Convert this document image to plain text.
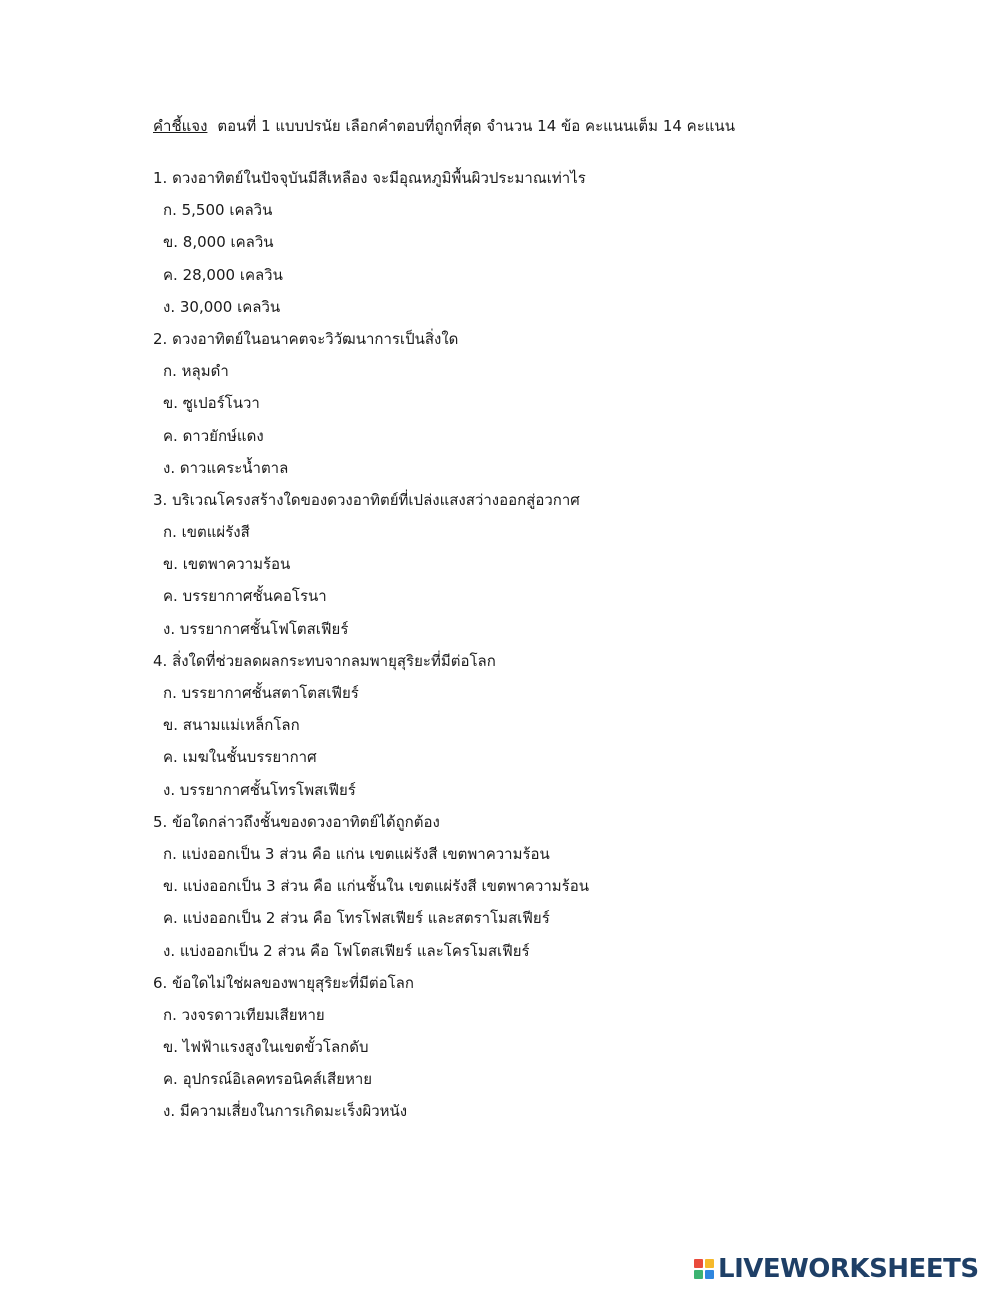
คำชี้แจง ตอนที่ 1 แบบปรนัย เลือกคำตอบที่ถูกที่สุด จำนวน 14 ข้อ คะแนนเต็ม 14 คะแนน
1. ดวงอาทิตย์ในปัจจุบันมีสีเหลือง จะมีอุณหภูมิพื้นผิวประมาณเท่าไร
ก. 5,500 เคลวิน
ข. 8,000 เคลวิน
ค. 28,000 เคลวิน
ง. 30,000 เคลวิน
2. ดวงอาทิตย์ในอนาคตจะวิวัฒนาการเป็นสิ่งใด
ก. หลุมดำ
ข. ซูเปอร์โนวา
ค. ดาวยักษ์แดง
ง. ดาวแคระน้ำตาล
3. บริเวณโครงสร้างใดของดวงอาทิตย์ที่เปล่งแสงสว่างออกสู่อวกาศ
ก. เขตแผ่รังสี
ข. เขตพาความร้อน
ค. บรรยากาศชั้นคอโรนา
ง. บรรยากาศชั้นโฟโตสเฟียร์
4. สิ่งใดที่ช่วยลดผลกระทบจากลมพายุสุริยะที่มีต่อโลก
ก. บรรยากาศชั้นสตาโตสเฟียร์
ข. สนามแม่เหล็กโลก
ค. เมฆในชั้นบรรยากาศ
ง. บรรยากาศชั้นโทรโพสเฟียร์
5. ข้อใดกล่าวถึงชั้นของดวงอาทิตย์ได้ถูกต้อง
ก. แบ่งออกเป็น 3 ส่วน คือ แก่น เขตแผ่รังสี เขตพาความร้อน
ข. แบ่งออกเป็น 3 ส่วน คือ แก่นชั้นใน เขตแผ่รังสี เขตพาความร้อน
ค. แบ่งออกเป็น 2 ส่วน คือ โทรโฟสเฟียร์ และสตราโมสเฟียร์
ง. แบ่งออกเป็น 2 ส่วน คือ โฟโตสเฟียร์ และโครโมสเฟียร์
6. ข้อใดไม่ใช่ผลของพายุสุริยะที่มีต่อโลก
ก. วงจรดาวเทียมเสียหาย
ข. ไฟฟ้าแรงสูงในเขตขั้วโลกดับ
ค. อุปกรณ์อิเลคทรอนิคส์เสียหาย
ง. มีความเสี่ยงในการเกิดมะเร็งผิวหนัง
LIVEWORKSHEETS
